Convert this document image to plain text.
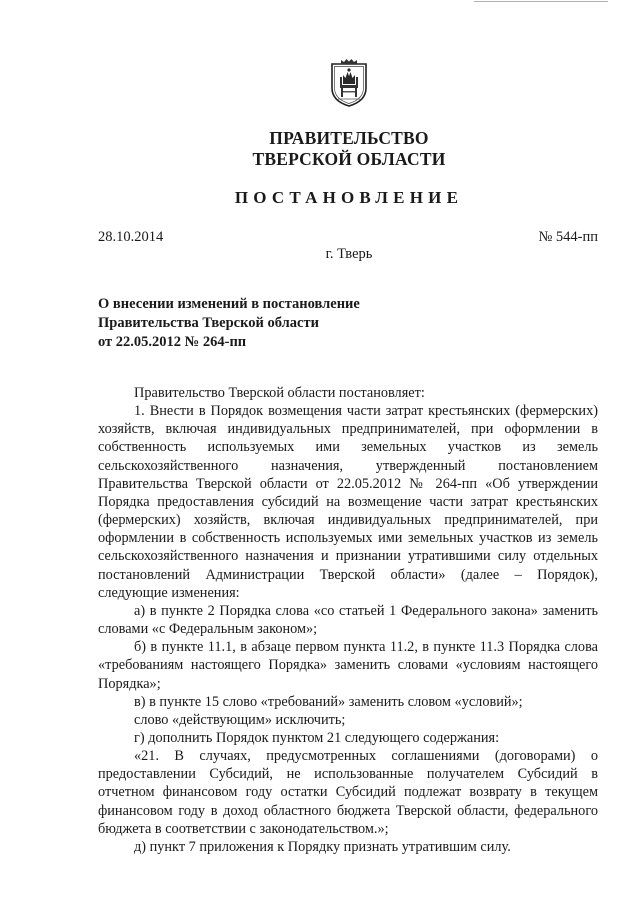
ПРАВИТЕЛЬСТВО
ТВЕРСКОЙ ОБЛАСТИ
ПОСТАНОВЛЕНИЕ
28.10.2014	№ 544-пп
г. Тверь
О внесении изменений в постановление
Правительства Тверской области
от 22.05.2012 № 264-пп

Правительство Тверской области постановляет:

1. Внести в Порядок возмещения части затрат крестьянских (фермерских) хозяйств, включая индивидуальных предпринимателей, при оформлении в собственность используемых ими земельных участков из земель сельскохозяйственного назначения, утвержденный постановлением Правительства Тверской области от 22.05.2012 № 264-пп «Об утверждении Порядка предоставления субсидий на возмещение части затрат крестьянских (фермерских) хозяйств, включая индивидуальных предпринимателей, при оформлении в собственность используемых ими земельных участков из земель сельскохозяйственного назначения и признании утратившими силу отдельных постановлений Администрации Тверской области» (далее – Порядок), следующие изменения:

а) в пункте 2 Порядка слова «со статьей 1 Федерального закона» заменить словами «с Федеральным законом»;

б) в пункте 11.1, в абзаце первом пункта 11.2, в пункте 11.3 Порядка слова «требованиям настоящего Порядка» заменить словами «условиям настоящего Порядка»;

в) в пункте 15 слово «требований» заменить словом «условий»;

слово «действующим» исключить;

г) дополнить Порядок пунктом 21 следующего содержания:

«21. В случаях, предусмотренных соглашениями (договорами) о предоставлении Субсидий, не использованные получателем Субсидий в отчетном финансовом году остатки Субсидий подлежат возврату в текущем финансовом году в доход областного бюджета Тверской области, федерального бюджета в соответствии с законодательством.»;

д) пункт 7 приложения к Порядку признать утратившим силу.
